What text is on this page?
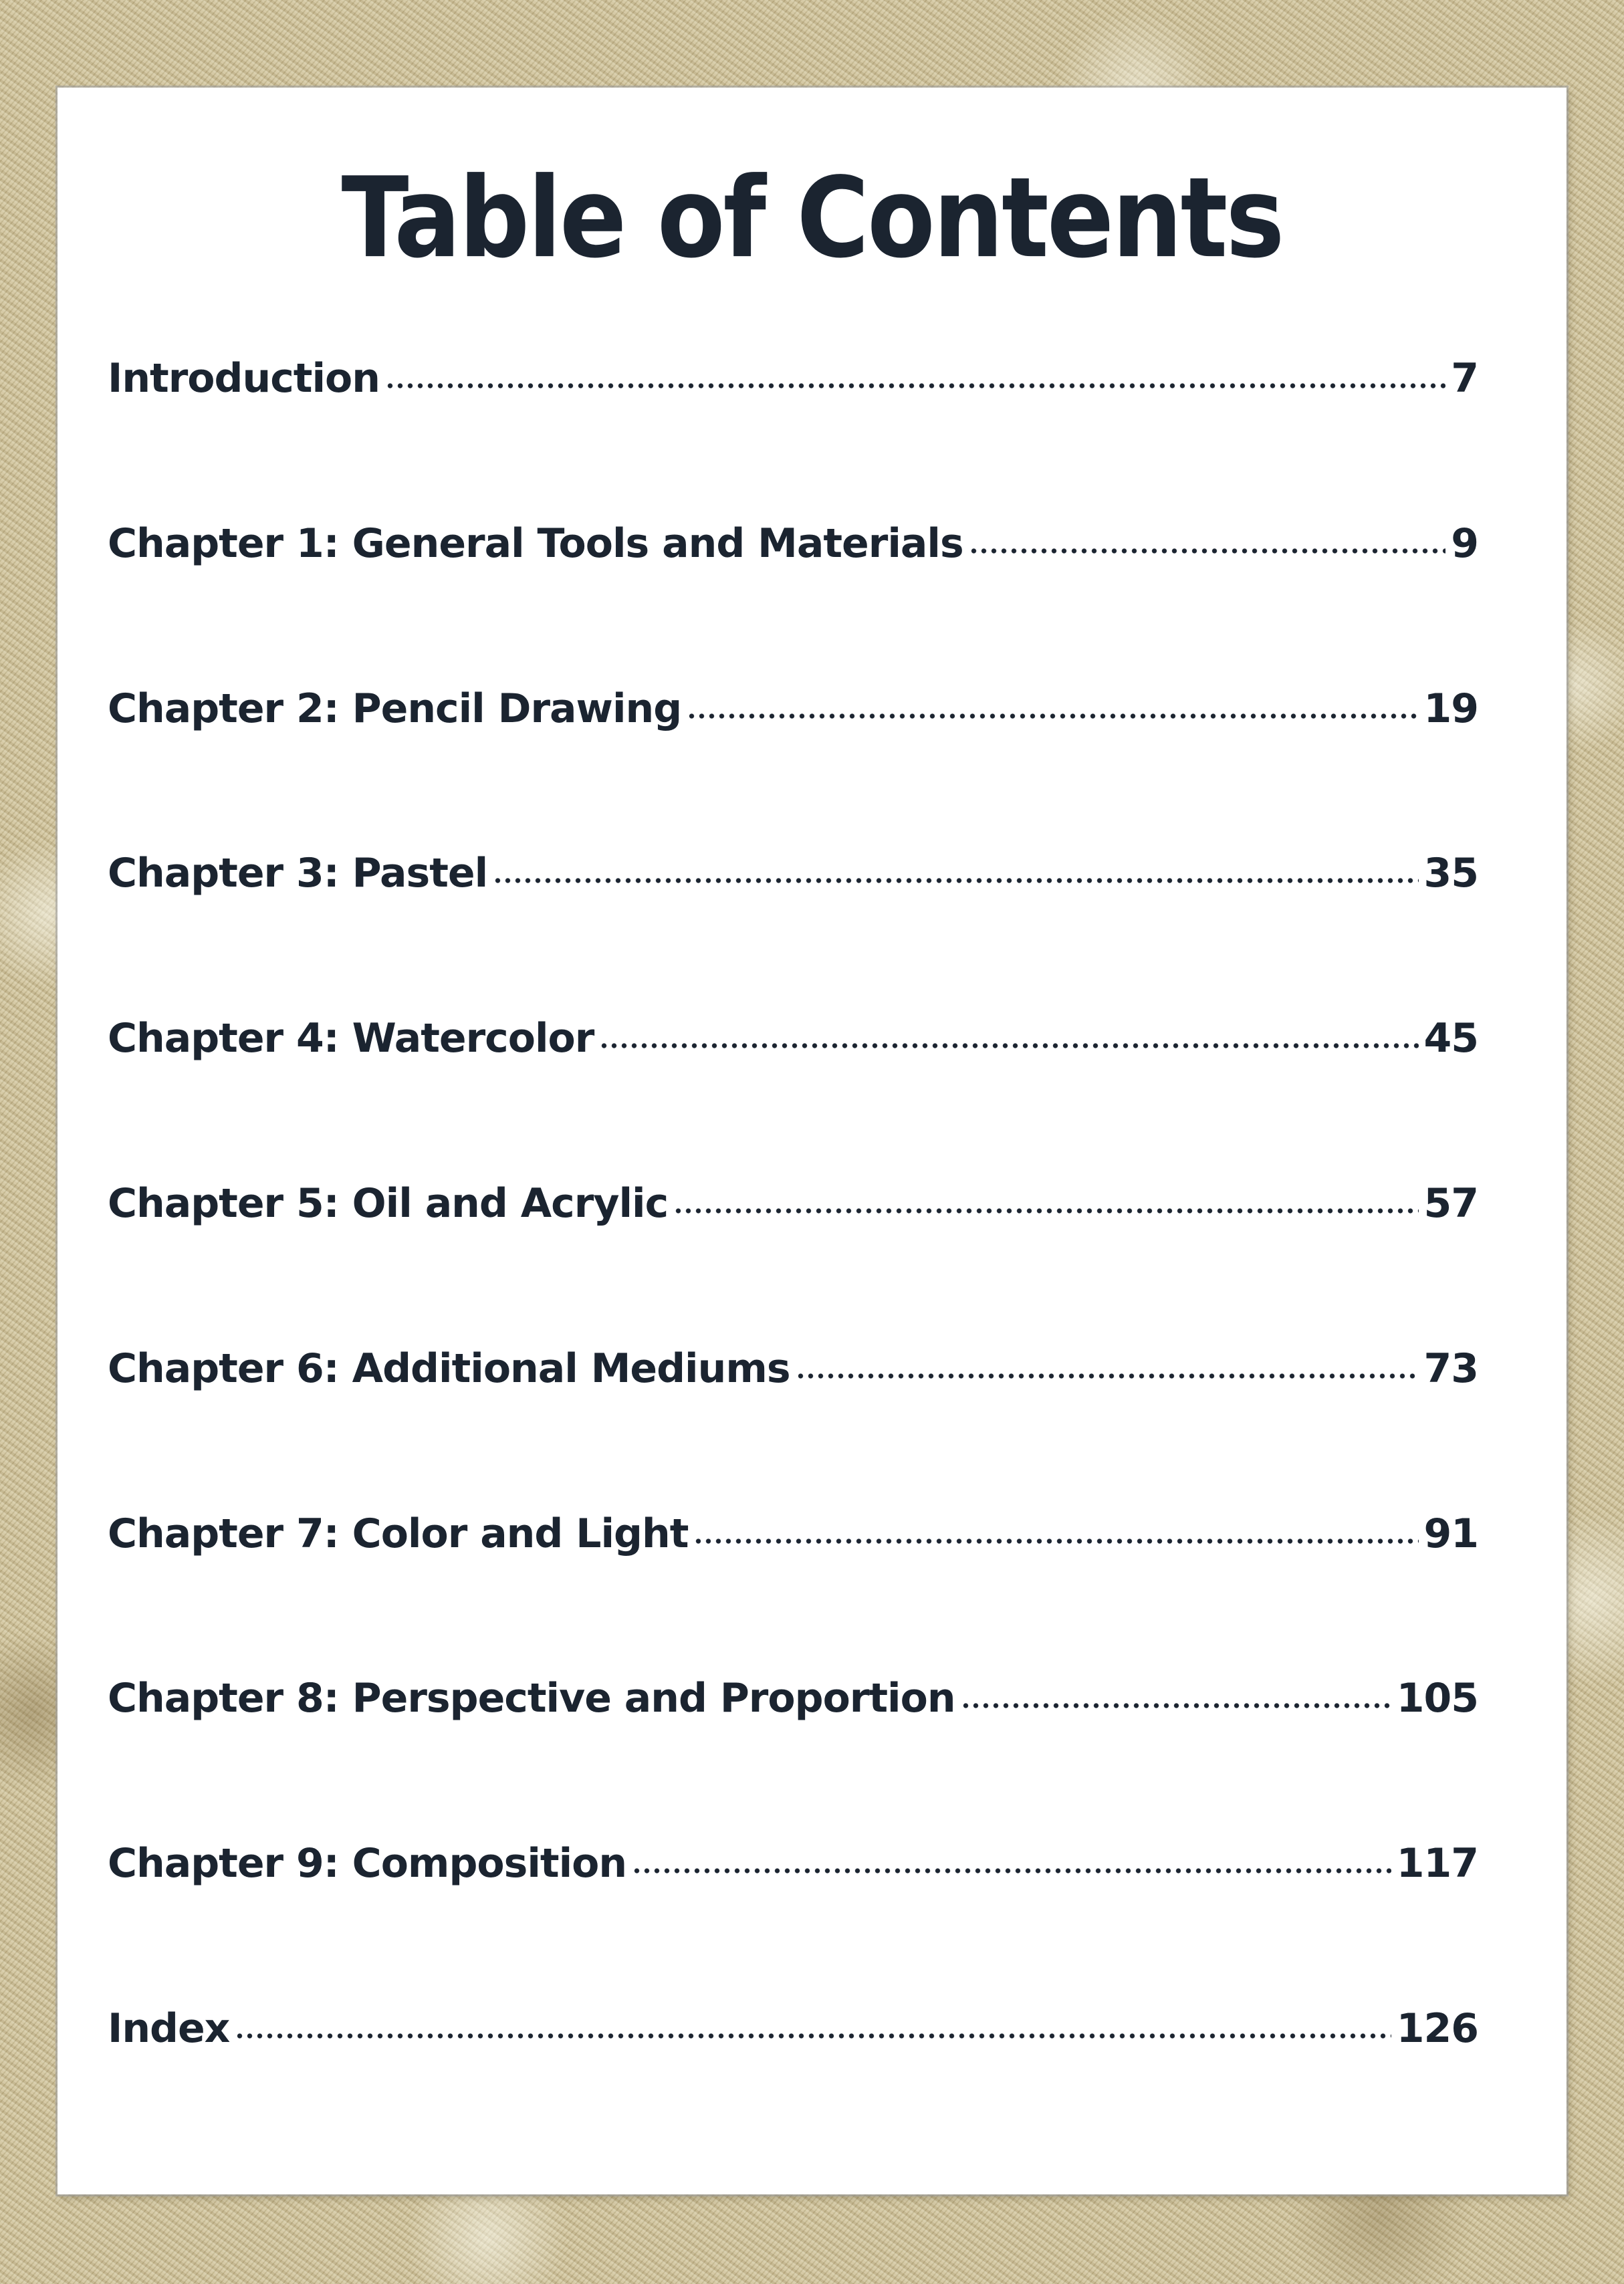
Table of Contents
Introduction	7
Chapter 1: General Tools and Materials	9
Chapter 2: Pencil Drawing	19
Chapter 3: Pastel	35
Chapter 4: Watercolor	45
Chapter 5: Oil and Acrylic	57
Chapter 6: Additional Mediums	73
Chapter 7: Color and Light	91
Chapter 8: Perspective and Proportion	105
Chapter 9: Composition	117
Index	126
